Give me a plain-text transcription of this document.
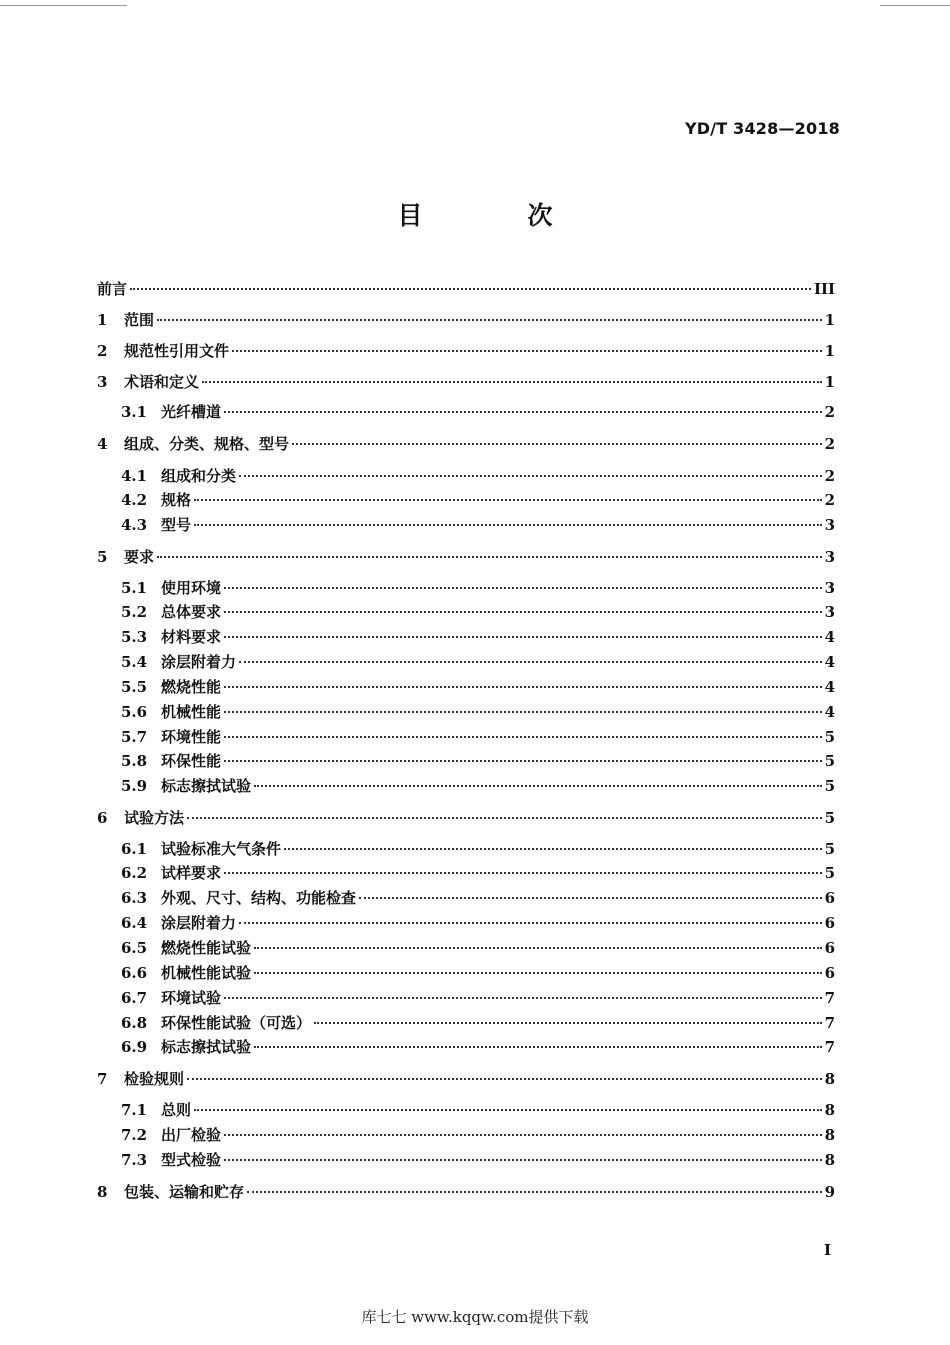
YD/T 3428—2018
目　次
前言	III
1	范围	1
2	规范性引用文件	1
3	术语和定义	1
3.1 光纤槽道	2
4	组成、分类、规格、型号	2
4.1 组成和分类	2
4.2 规格	2
4.3 型号	3
5	要求	3
5.1 使用环境	3
5.2 总体要求	3
5.3 材料要求	4
5.4 涂层附着力	4
5.5 燃烧性能	4
5.6 机械性能	4
5.7 环境性能	5
5.8 环保性能	5
5.9 标志擦拭试验	5
6	试验方法	5
6.1 试验标准大气条件	5
6.2 试样要求	5
6.3 外观、尺寸、结构、功能检查	6
6.4 涂层附着力	6
6.5 燃烧性能试验	6
6.6 机械性能试验	6
6.7 环境试验	7
6.8 环保性能试验（可选）	7
6.9 标志擦拭试验	7
7	检验规则	8
7.1 总则	8
7.2 出厂检验	8
7.3 型式检验	8
8	包装、运输和贮存	9
I
库七七 www.kqqw.com提供下载
